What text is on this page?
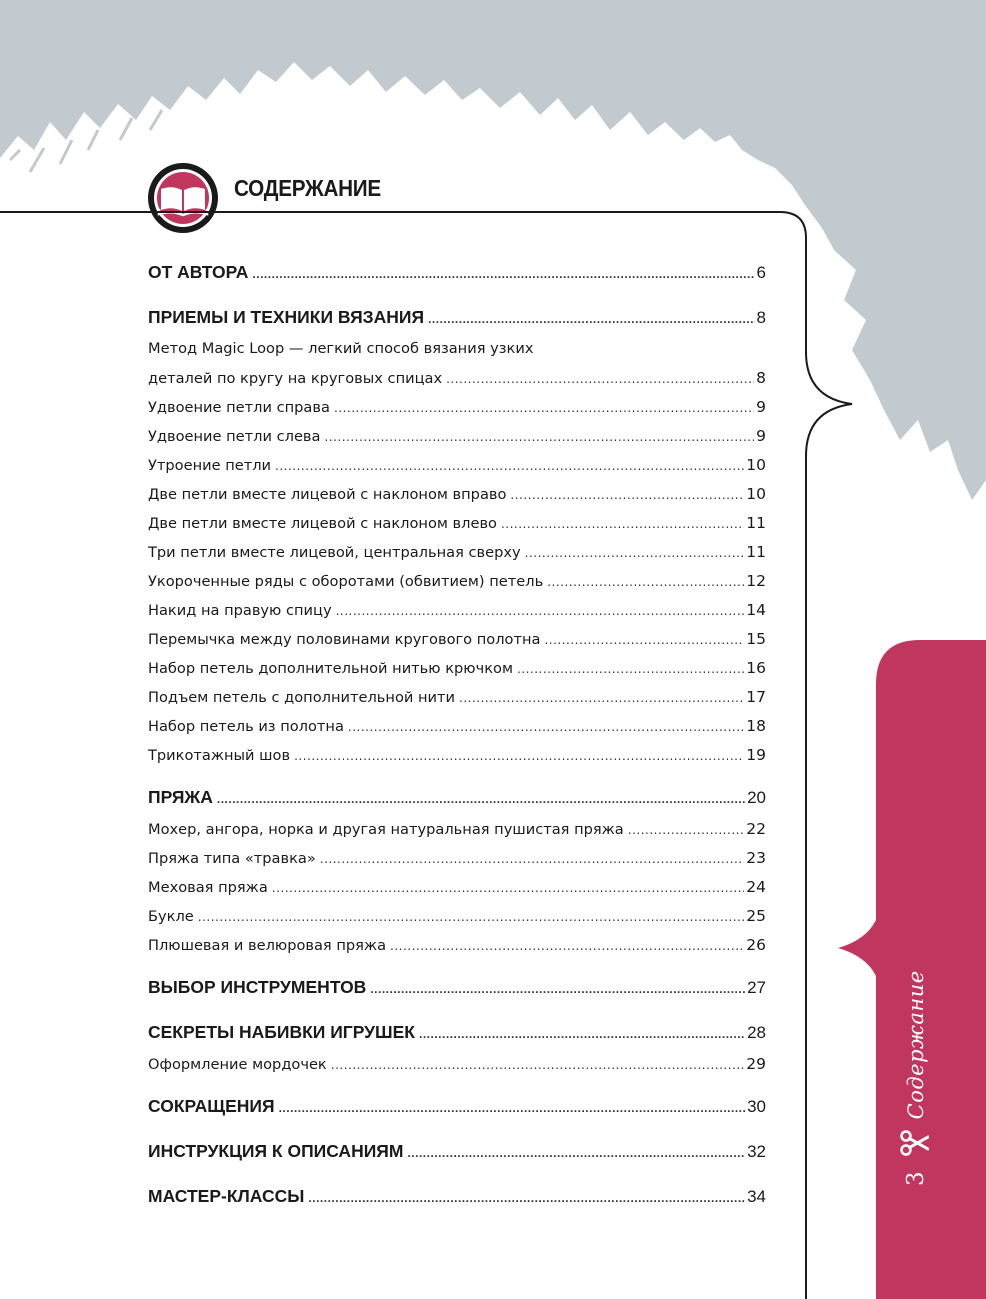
СОДЕРЖАНИЕ
ОТ АВТОРА .....	6
ПРИЕМЫ И ТЕХНИКИ ВЯЗАНИЯ .....	8
Метод Magic Loop — легкий способ вязания узких
деталей по кругу на круговых спицах .....	8
Удвоение петли справа .....	9
Удвоение петли слева .....	9
Утроение петли .....	10
Две петли вместе лицевой с наклоном вправо .....	10
Две петли вместе лицевой с наклоном влево .....	11
Три петли вместе лицевой, центральная сверху .....	11
Укороченные ряды с оборотами (обвитием) петель .....	12
Накид на правую спицу .....	14
Перемычка между половинами кругового полотна .....	15
Набор петель дополнительной нитью крючком .....	16
Подъем петель с дополнительной нити .....	17
Набор петель из полотна .....	18
Трикотажный шов .....	19
ПРЯЖА .....	20
Мохер, ангора, норка и другая натуральная пушистая пряжа .....	22
Пряжа типа «травка» .....	23
Меховая пряжа .....	24
Букле .....	25
Плюшевая и велюровая пряжа .....	26
ВЫБОР ИНСТРУМЕНТОВ .....	27
СЕКРЕТЫ НАБИВКИ ИГРУШЕК .....	28
Оформление мордочек .....	29
СОКРАЩЕНИЯ .....	30
ИНСТРУКЦИЯ К ОПИСАНИЯМ .....	32
МАСТЕР-КЛАССЫ .....	34
3
Содержание
